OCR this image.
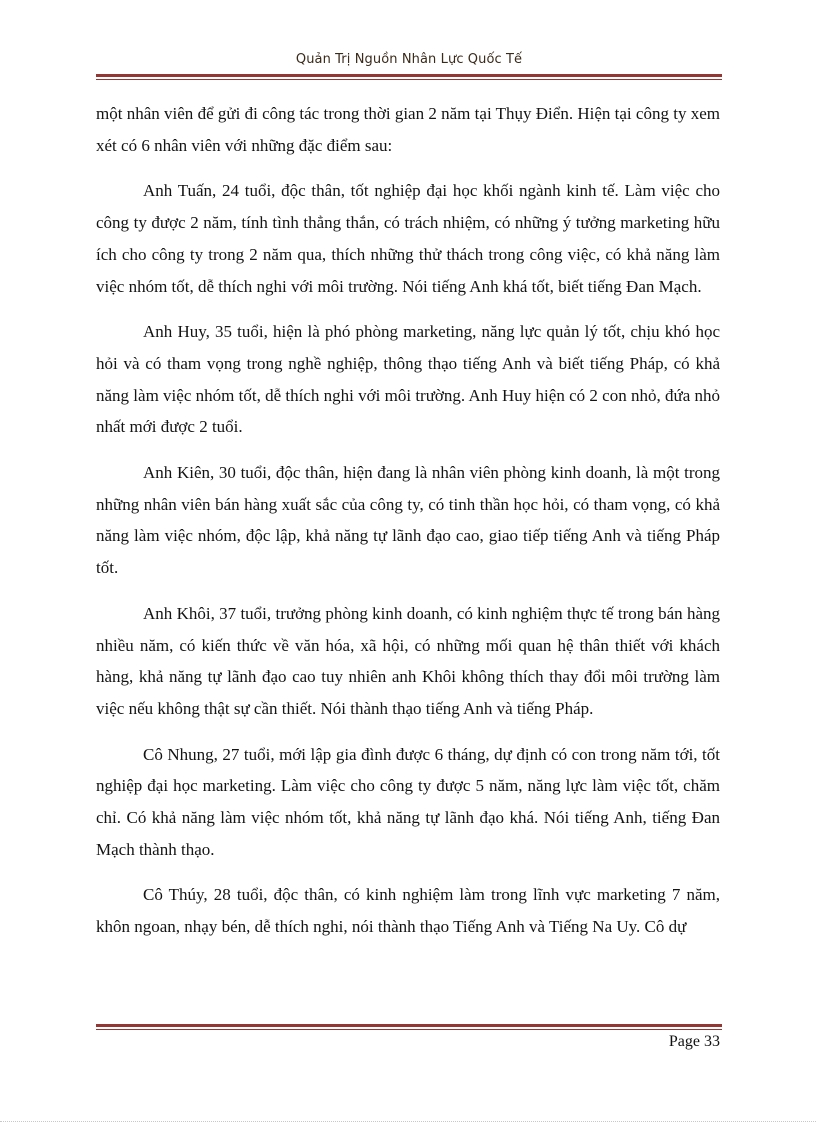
Quản Trị Nguồn Nhân Lực Quốc Tế

một nhân viên để gửi đi công tác trong thời gian 2 năm tại Thụy Điển. Hiện tại công ty xem xét có 6 nhân viên với những đặc điểm sau:

Anh Tuấn, 24 tuổi, độc thân, tốt nghiệp đại học khối ngành kinh tế. Làm việc cho công ty được 2 năm, tính tình thẳng thắn, có trách nhiệm, có những ý tưởng marketing hữu ích cho công ty trong 2 năm qua, thích những thử thách trong công việc, có khả năng làm việc nhóm tốt, dễ thích nghi với môi trường. Nói tiếng Anh khá tốt, biết tiếng Đan Mạch.

Anh Huy, 35 tuổi, hiện là phó phòng marketing, năng lực quản lý tốt, chịu khó học hỏi và có tham vọng trong nghề nghiệp, thông thạo tiếng Anh và biết tiếng Pháp, có khả năng làm việc nhóm tốt, dễ thích nghi với môi trường. Anh Huy hiện có 2 con nhỏ, đứa nhỏ nhất mới được 2 tuổi.

Anh Kiên, 30 tuổi, độc thân, hiện đang là nhân viên phòng kinh doanh, là một trong những nhân viên bán hàng xuất sắc của công ty, có tinh thần học hỏi, có tham vọng, có khả năng làm việc nhóm, độc lập, khả năng tự lãnh đạo cao, giao tiếp tiếng Anh và tiếng Pháp tốt.

Anh Khôi, 37 tuổi, trưởng phòng kinh doanh, có kinh nghiệm thực tế trong bán hàng nhiều năm, có kiến thức về văn hóa, xã hội, có những mối quan hệ thân thiết với khách hàng, khả năng tự lãnh đạo cao tuy nhiên anh Khôi không thích thay đổi môi trường làm việc nếu không thật sự cần thiết. Nói thành thạo tiếng Anh và tiếng Pháp.

Cô Nhung, 27 tuổi, mới lập gia đình được 6 tháng, dự định có con trong năm tới, tốt nghiệp đại học marketing. Làm việc cho công ty được 5 năm, năng lực làm việc tốt, chăm chỉ. Có khả năng làm việc nhóm tốt, khả năng tự lãnh đạo khá. Nói tiếng Anh, tiếng Đan Mạch thành thạo.

Cô Thúy, 28 tuổi, độc thân, có kinh nghiệm làm trong lĩnh vực marketing 7 năm, khôn ngoan, nhạy bén, dễ thích nghi, nói thành thạo Tiếng Anh và Tiếng Na Uy. Cô dự

Page 33
